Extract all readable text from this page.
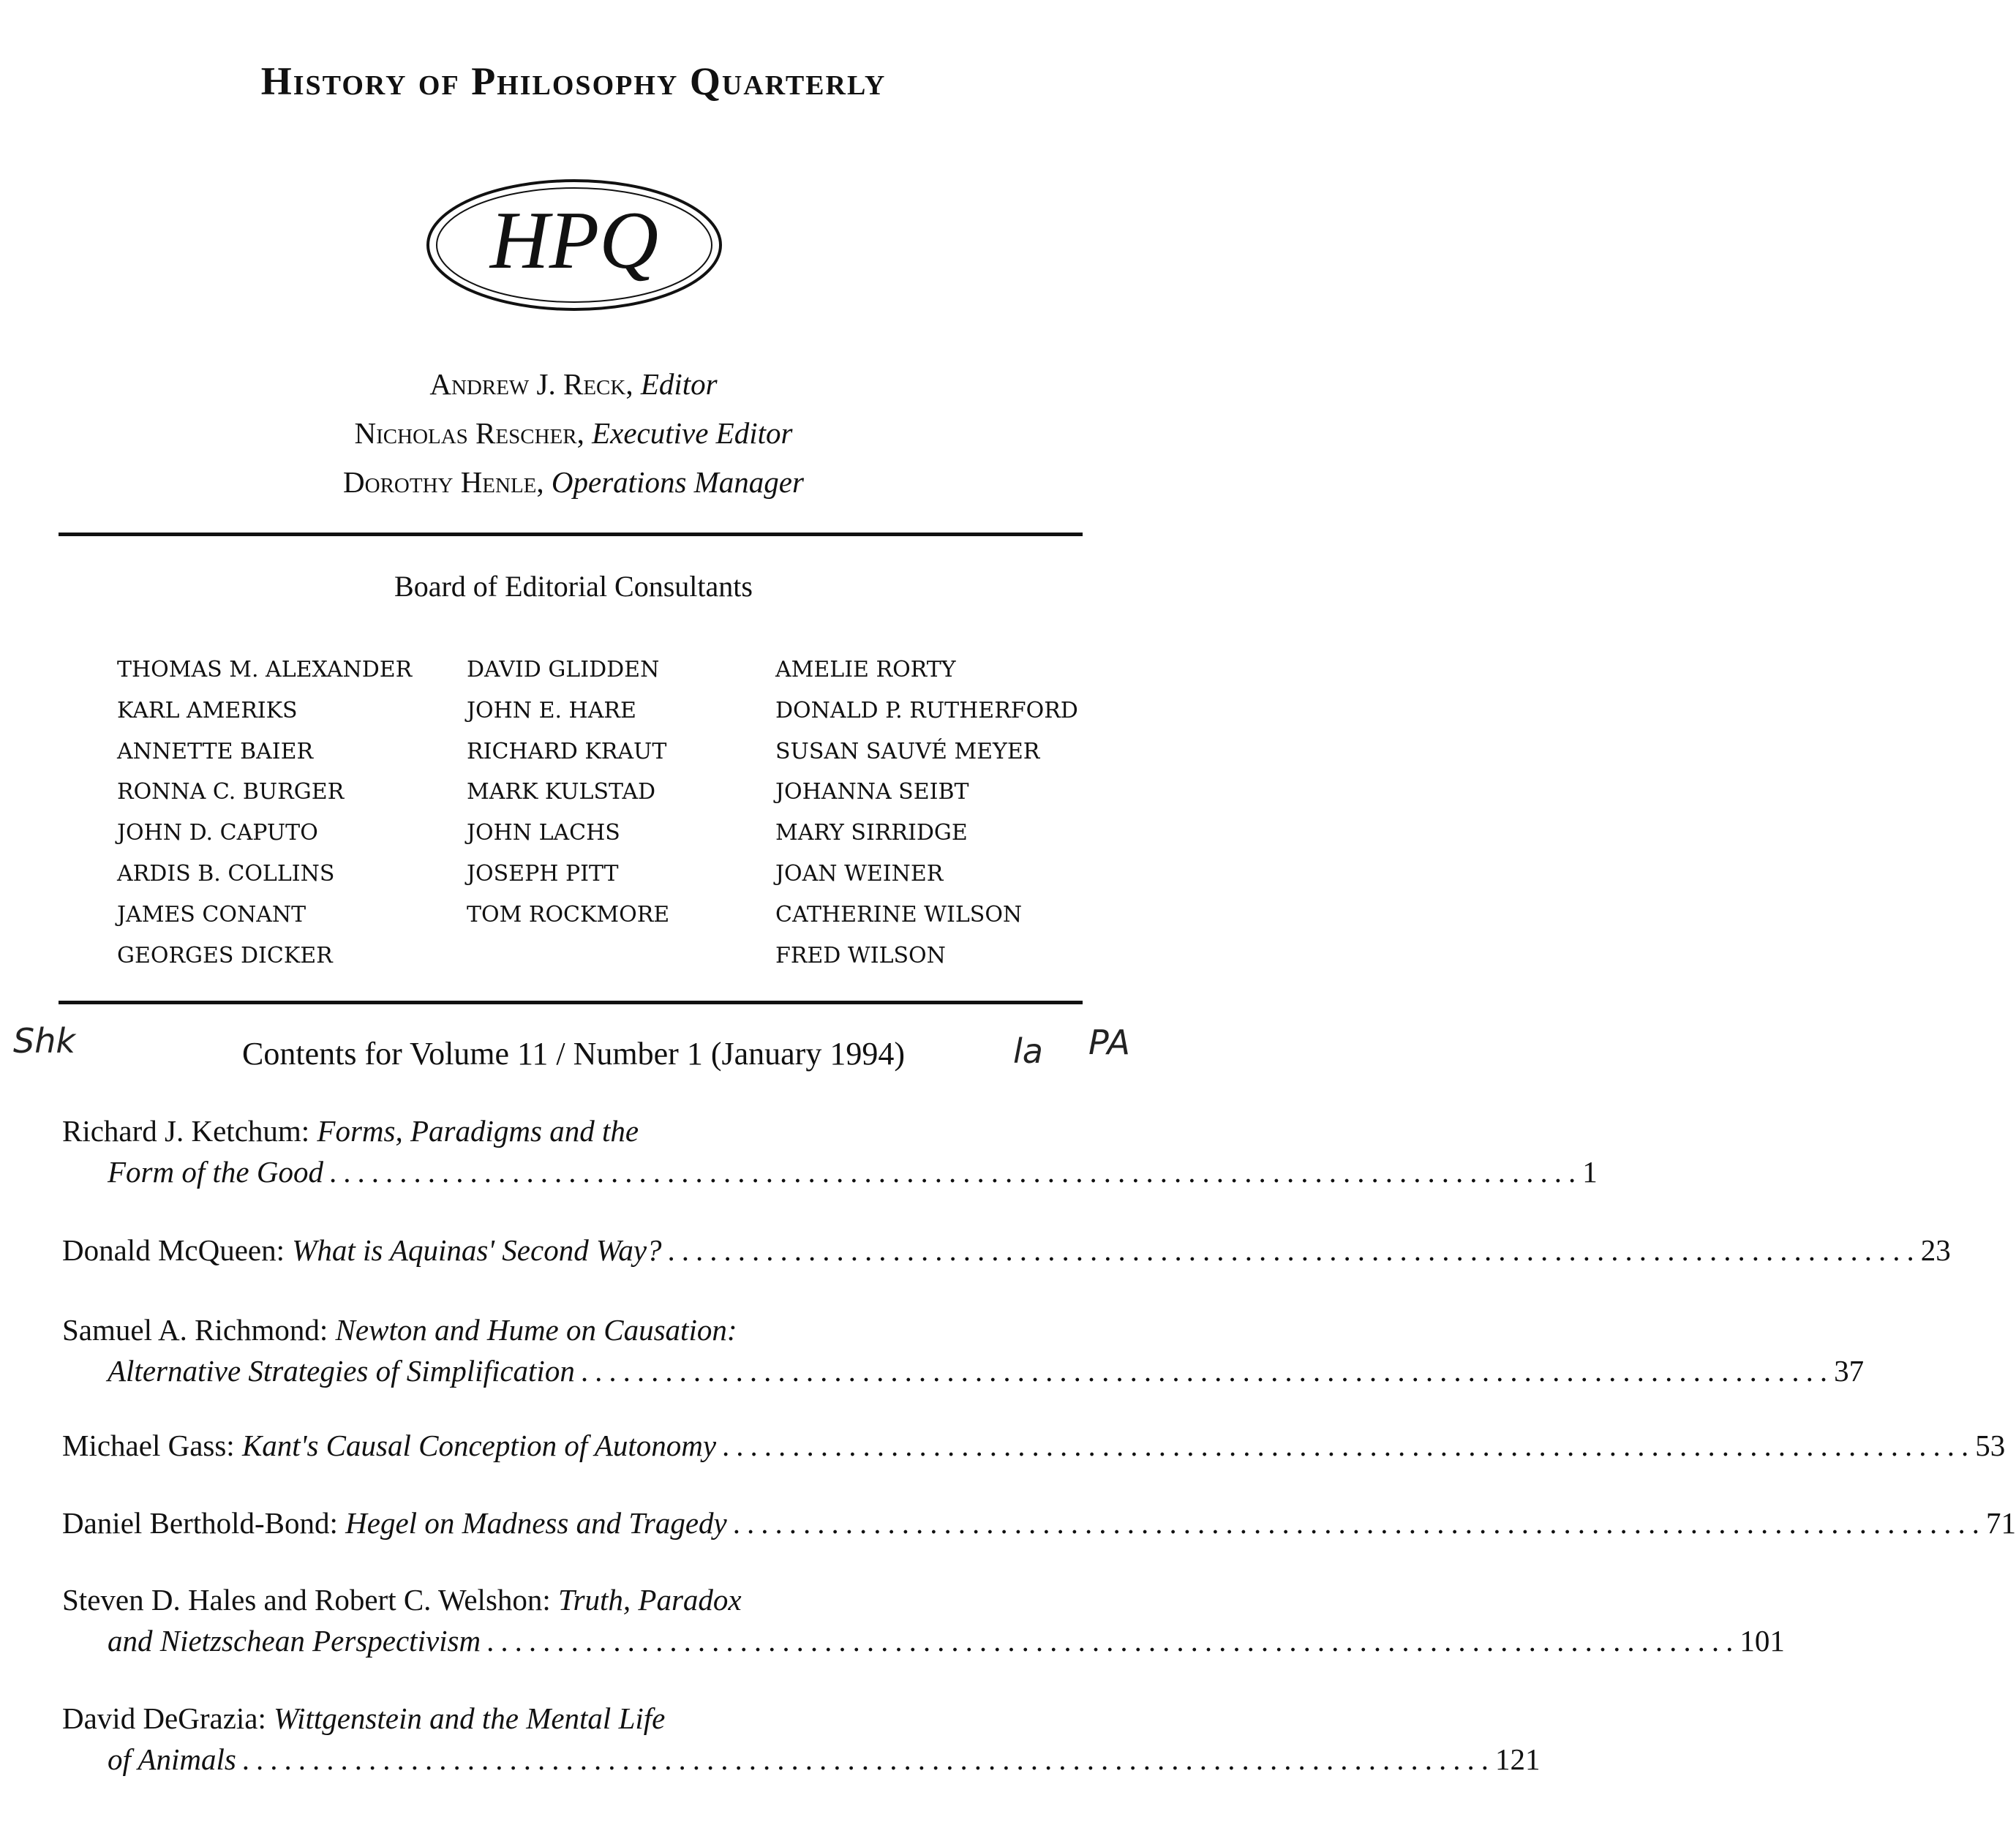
History of Philosophy Quarterly
HPQ
Andrew J. Reck, Editor
Nicholas Rescher, Executive Editor
Dorothy Henle, Operations Manager
Board of Editorial Consultants
THOMAS M. ALEXANDER
KARL AMERIKS
ANNETTE BAIER
RONNA C. BURGER
JOHN D. CAPUTO
ARDIS B. COLLINS
JAMES CONANT
GEORGES DICKER
DAVID GLIDDEN
JOHN E. HARE
RICHARD KRAUT
MARK KULSTAD
JOHN LACHS
JOSEPH PITT
TOM ROCKMORE
AMELIE RORTY
DONALD P. RUTHERFORD
SUSAN SAUVÉ MEYER
JOHANNA SEIBT
MARY SIRRIDGE
JOAN WEINER
CATHERINE WILSON
FRED WILSON
Shk	Contents for Volume 11 / Number 1 (January 1994)	la PA
Richard J. Ketchum:
Forms, Paradigms and the
Form of the Good ......................................................................................... 1
Donald McQueen:
What is Aquinas' Second Way? ......................................................................................... 23
Samuel A. Richmond:
Newton and Hume on Causation:
Alternative Strategies of Simplification ......................................................................................... 37
Michael Gass:
Kant's Causal Conception of Autonomy ......................................................................................... 53
Daniel Berthold-Bond:
Hegel on Madness and Tragedy ......................................................................................... 71
Steven D. Hales and Robert C. Welshon:
Truth, Paradox
and Nietzschean Perspectivism ......................................................................................... 101
David DeGrazia:
Wittgenstein and the Mental Life
of Animals ......................................................................................... 121
